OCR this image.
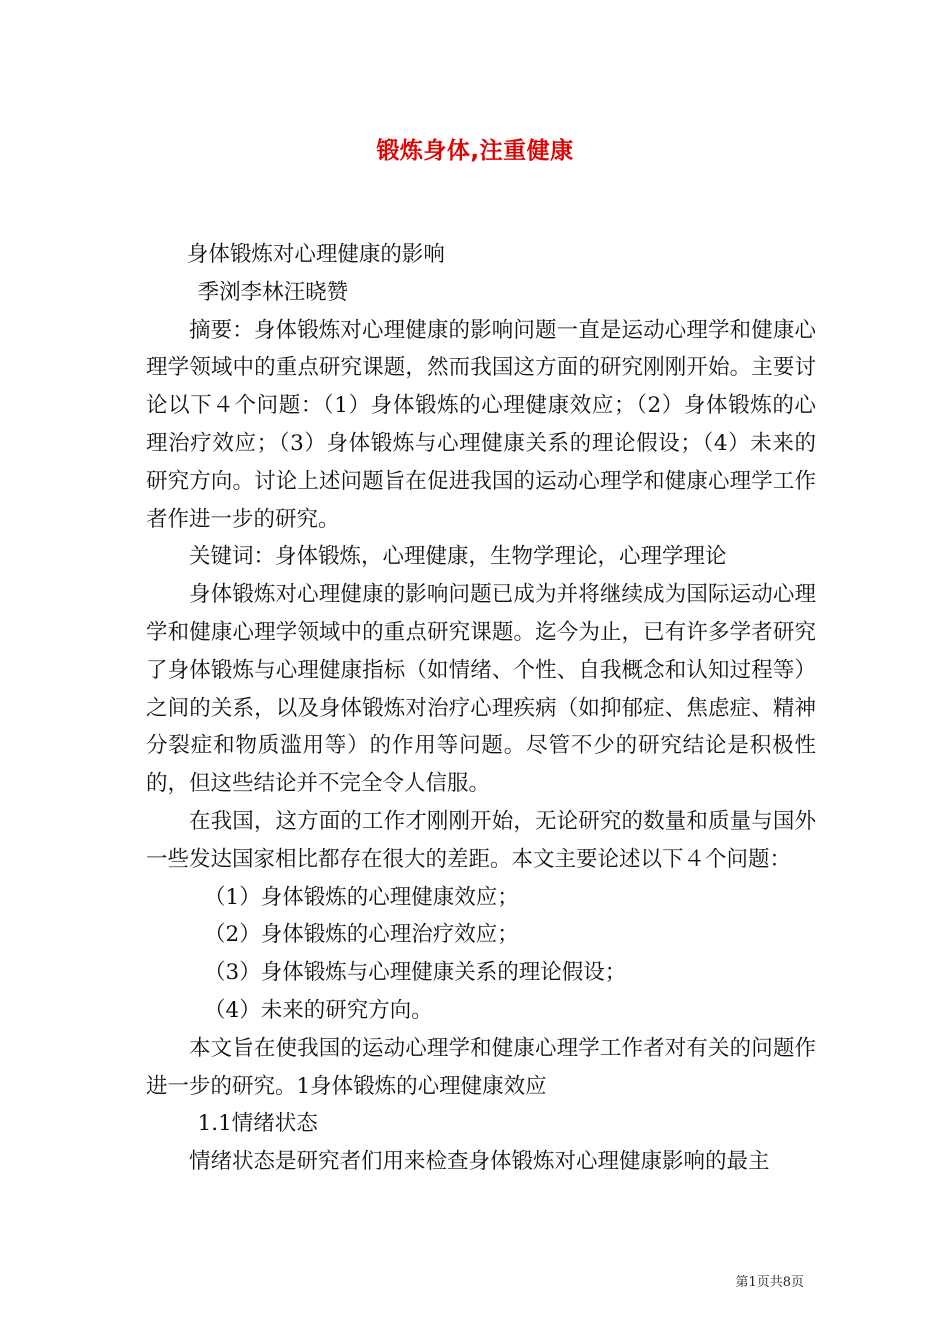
锻炼身体,注重健康

身体锻炼对心理健康的影响

季浏李林汪晓赞

摘要：身体锻炼对心理健康的影响问题一直是运动心理学和健康心理学领域中的重点研究课题，然而我国这方面的研究刚刚开始。主要讨论以下４个问题：（1）身体锻炼的心理健康效应；（2）身体锻炼的心理治疗效应；（3）身体锻炼与心理健康关系的理论假设；（4）未来的研究方向。讨论上述问题旨在促进我国的运动心理学和健康心理学工作者作进一步的研究。

关键词：身体锻炼，心理健康，生物学理论，心理学理论

身体锻炼对心理健康的影响问题已成为并将继续成为国际运动心理学和健康心理学领域中的重点研究课题。迄今为止，已有许多学者研究了身体锻炼与心理健康指标（如情绪、个性、自我概念和认知过程等）之间的关系，以及身体锻炼对治疗心理疾病（如抑郁症、焦虑症、精神分裂症和物质滥用等）的作用等问题。尽管不少的研究结论是积极性的，但这些结论并不完全令人信服。

在我国，这方面的工作才刚刚开始，无论研究的数量和质量与国外一些发达国家相比都存在很大的差距。本文主要论述以下４个问题：

（1）身体锻炼的心理健康效应；

（2）身体锻炼的心理治疗效应；

（3）身体锻炼与心理健康关系的理论假设；

（4）未来的研究方向。

本文旨在使我国的运动心理学和健康心理学工作者对有关的问题作进一步的研究。1身体锻炼的心理健康效应

1.1情绪状态

情绪状态是研究者们用来检查身体锻炼对心理健康影响的最主

第1页共8页
